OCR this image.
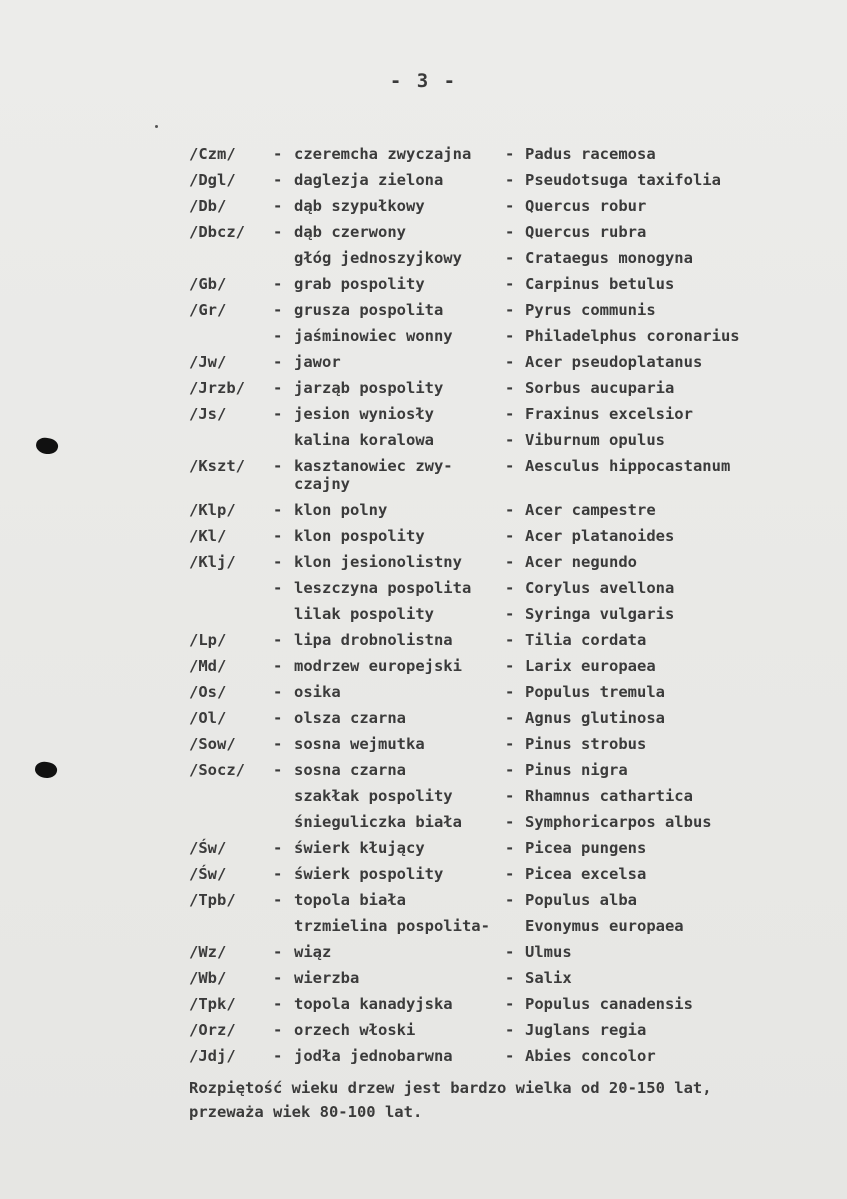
- 3 -
/Czm/ - czeremcha zwyczajna - Padus racemosa
/Dgl/ - daglezja zielona	- Pseudotsuga taxifolia
/Db/	- dąb szypułkowy	- Quercus robur
/Dbcz/ - dąb czerwony	- Quercus rubra
głóg jednoszyjkowy	- Crataegus monogyna
/Gb/	- grab pospolity	- Carpinus betulus
/Gr/	- grusza pospolita	- Pyrus communis
- jaśminowiec wonny	- Philadelphus coronarius
/Jw/	- jawor	- Acer pseudoplatanus
/Jrzb/ - jarząb pospolity	- Sorbus aucuparia
/Js/	- jesion wyniosły	- Fraxinus excelsior
kalina koralowa	- Viburnum opulus
/Kszt/ - kasztanowiec zwy-	- Aesculus hippocastanum
czajny
/Klp/ - klon polny	- Acer campestre
/Kl/	- klon pospolity	- Acer platanoides
/Klj/ - klon jesionolistny	- Acer negundo
- leszczyna pospolita - Corylus avellona
lilak pospolity	- Syringa vulgaris
/Lp/	- lipa drobnolistna	- Tilia cordata
/Md/	- modrzew europejski	- Larix europaea
/Os/	- osika	- Populus tremula
/Ol/	- olsza czarna	- Agnus glutinosa
/Sow/ - sosna wejmutka	- Pinus strobus
/Socz/ - sosna czarna	- Pinus nigra
szakłak pospolity	- Rhamnus cathartica
śnieguliczka biała	- Symphoricarpos albus
/Św/	- świerk kłujący	- Picea pungens
/Św/	- świerk pospolity	- Picea excelsa
/Tpb/ - topola biała	- Populus alba
trzmielina pospolita- Evonymus europaea
/Wz/	- wiąz	- Ulmus
/Wb/	- wierzba	- Salix
/Tpk/ - topola kanadyjska	- Populus canadensis
/Orz/ - orzech włoski	- Juglans regia
/Jdj/ - jodła jednobarwna	- Abies concolor

Rozpiętość wieku drzew jest bardzo wielka od 20-150 lat,

przeważa wiek 80-100 lat.
